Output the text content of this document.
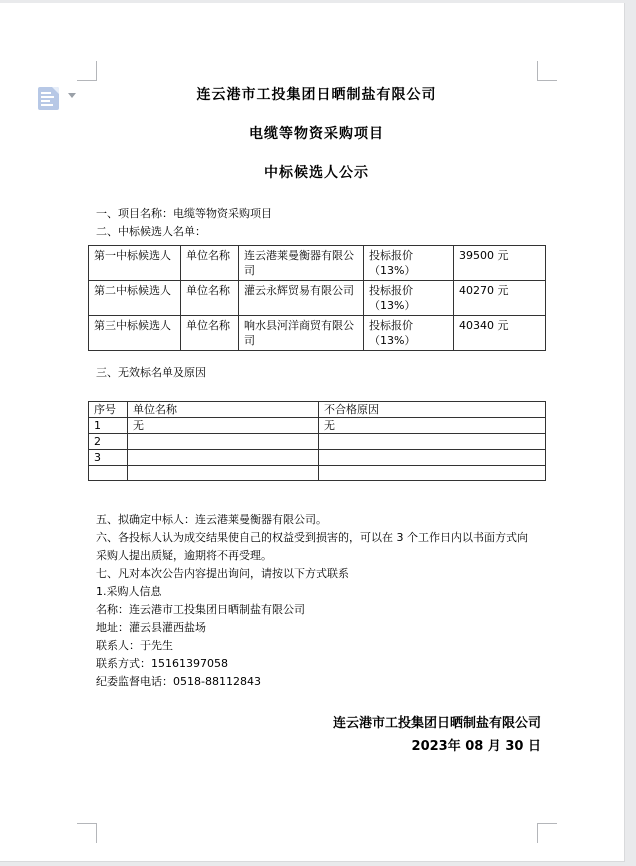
连云港市工投集团日晒制盐有限公司
电缆等物资采购项目
中标候选人公示

一、项目名称：电缆等物资采购项目

二、中标候选人名单：

第一中标候选人	单位名称	连云港莱曼衡器有限公司	投标报价（13%）	39500 元
第二中标候选人	单位名称	灌云永辉贸易有限公司	投标报价（13%）	40270 元
第三中标候选人	单位名称	响水县河洋商贸有限公司	投标报价（13%）	40340 元

三、无效标名单及原因

序号	单位名称	不合格原因
1	无	无
2		
3		

五、拟确定中标人：连云港莱曼衡器有限公司。

六、各投标人认为成交结果使自己的权益受到损害的，可以在 3 个工作日内以书面方式向采购人提出质疑，逾期将不再受理。

七、凡对本次公告内容提出询问，请按以下方式联系

1.采购人信息

名称：连云港市工投集团日晒制盐有限公司

地址：灌云县灌西盐场

联系人：于先生

联系方式：15161397058

纪委监督电话：0518-88112843

连云港市工投集团日晒制盐有限公司
2023年 08 月 30 日
